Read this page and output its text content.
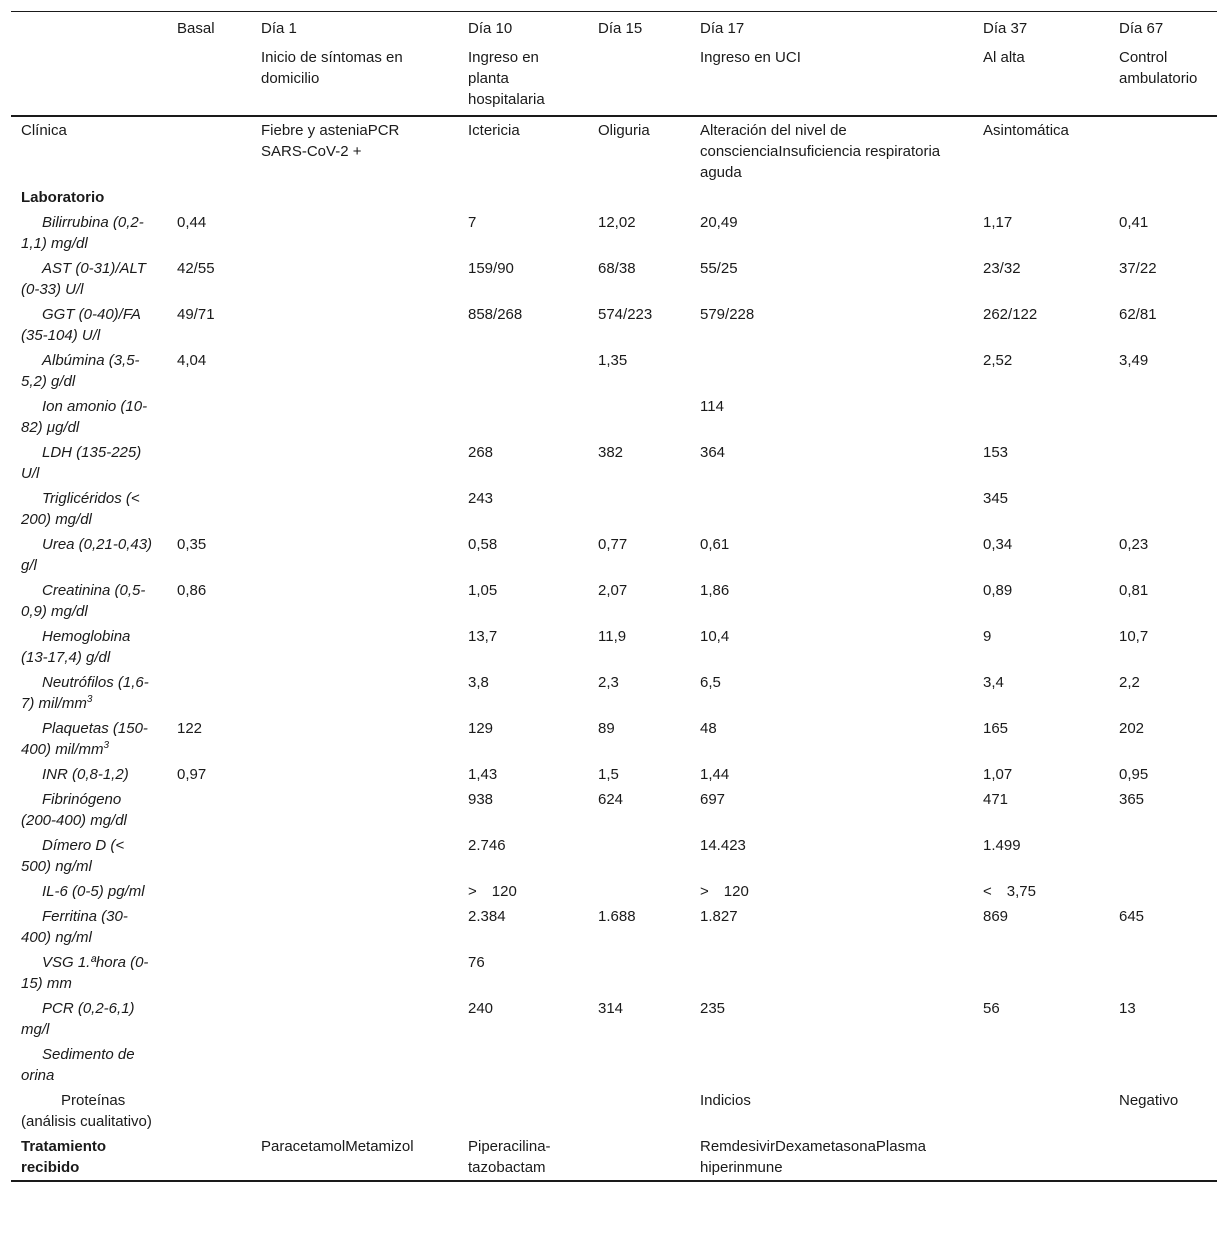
	Basal	Día 1	Día 10	Día 15	Día 17	Día 37	Día 67
		Inicio de síntomas en domicilio	Ingreso en planta hospitalaria		Ingreso en UCI	Al alta	Control ambulatorio
Clínica		Fiebre y asteniaPCR SARS-CoV-2 +	Ictericia	Oliguria	Alteración del nivel de conscienciaInsuficiencia respiratoria aguda	Asintomática	
Laboratorio							
Bilirrubina (0,2-1,1) mg/dl	0,44		7	12,02	20,49	1,17	0,41
AST (0-31)/ALT (0-33) U/l	42/55		159/90	68/38	55/25	23/32	37/22
GGT (0-40)/FA (35-104) U/l	49/71		858/268	574/223	579/228	262/122	62/81
Albúmina (3,5-5,2) g/dl	4,04			1,35		2,52	3,49
Ion amonio (10-82) μg/dl					114		
LDH (135-225) U/l			268	382	364	153	
Triglicéridos (< 200) mg/dl			243			345	
Urea (0,21-0,43) g/l	0,35		0,58	0,77	0,61	0,34	0,23
Creatinina (0,5-0,9) mg/dl	0,86		1,05	2,07	1,86	0,89	0,81
Hemoglobina (13-17,4) g/dl			13,7	11,9	10,4	9	10,7
Neutrófilos (1,6-7) mil/$mm^3$			3,8	2,3	6,5	3,4	2,2
Plaquetas (150-400) mil/$mm^3$	122		129	89	48	165	202
INR (0,8-1,2)	0,97		1,43	1,5	1,44	1,07	0,95
Fibrinógeno (200-400) mg/dl			938	624	697	471	365
Dímero D (< 500) ng/ml			2.746		14.423	1.499	
IL-6 (0-5) pg/ml			> 120		> 120	< 3,75	
Ferritina (30-400) ng/ml			2.384	1.688	1.827	869	645
VSG 1.ªhora (0-15) mm			76				
PCR (0,2-6,1) mg/l			240	314	235	56	13
Sedimento de orina							
Proteínas (análisis cualitativo)					Indicios		Negativo
Tratamiento recibido		ParacetamolMetamizol	Piperacilina-tazobactam		RemdesivirDexametasonaPlasma hiperinmune		
